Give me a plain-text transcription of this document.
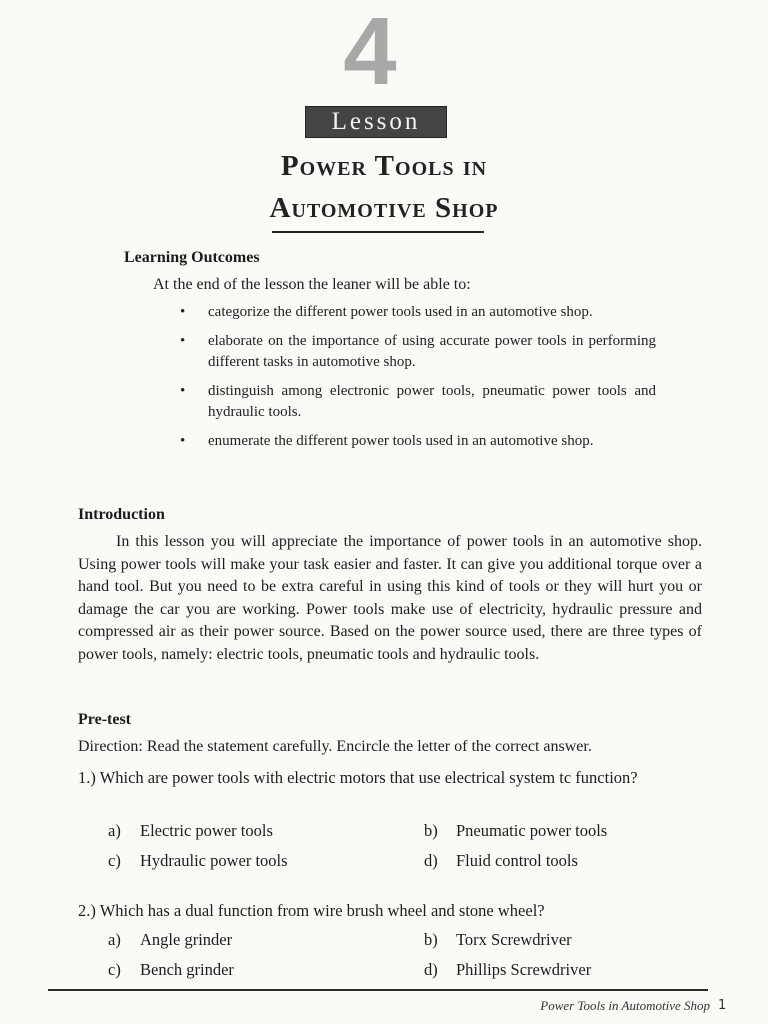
4
Lesson
Power Tools in
Automotive Shop
Learning Outcomes
At the end of the lesson the leaner will be able to:
• categorize the different power tools used in an automotive shop.
• elaborate on the importance of using accurate power tools in performing different tasks in automotive shop.
• distinguish among electronic power tools, pneumatic power tools and hydraulic tools.
• enumerate the different power tools used in an automotive shop.
Introduction
In this lesson you will appreciate the importance of power tools in an automotive shop. Using power tools will make your task easier and faster. It can give you additional torque over a hand tool. But you need to be extra careful in using this kind of tools or they will hurt you or damage the car you are working. Power tools make use of electricity, hydraulic pressure and compressed air as their power source. Based on the power source used, there are three types of power tools, namely: electric tools, pneumatic tools and hydraulic tools.
Pre-test
Direction: Read the statement carefully. Encircle the letter of the correct answer.
1.) Which are power tools with electric motors that use electrical system tc function?
a) Electric power tools	b) Pneumatic power tools
c) Hydraulic power tools	d) Fluid control tools
2.) Which has a dual function from wire brush wheel and stone wheel?
a) Angle grinder	b) Torx Screwdriver
c) Bench grinder	d) Phillips Screwdriver
Power Tools in Automotive Shop 1
